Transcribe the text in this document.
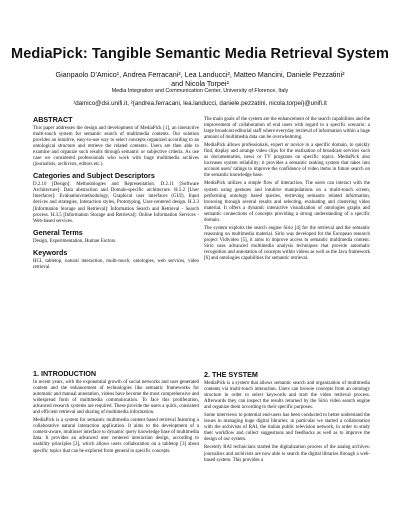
MediaPick: Tangible Semantic Media Retrieval System
Gianpaolo D'Amico¹, Andrea Ferracani², Lea Landucci², Matteo Mancini, Daniele Pezzatini²
and Nicola Torpei²
Media Integration and Communication Center, University of Florence, Italy
¹damico@dsi.unifi.it, ²{andrea.ferracani, lea.landucci, daniele.pezzatini, nicola.torpei}@unifi.it
ABSTRACT
This paper addresses the design and development of MediaPick [1], an interactive multi-touch system for semantic search of multimedia contents. Our solution provides an intuitive, easy-to-use way to select concepts organized according to an ontological structure and retrieve the related contents. Users are then able to examine and organize such results through semantic or subjective criteria. As use case we considered professionals who work with huge multimedia archives (journalists, archivists, editors etc.).
Categories and Subject Descriptors
D.2.10 [Design]: Methodologies and Representation. D.2.11 [Software Architecture]: Data abstraction and Domain-specific architecture. H.5.2 [User Interfaces]: Evaluation/methodology, Graphical user interfaces (GUI), Input devices and strategies, Interaction styles, Prototyping, User-centered design. H.3.3 [Information Storage and Retrieval]: Information Search and Retrieval - Search process. H.3.5 [Information Storage and Retrieval]: Online Information Services - Web-based services.
General Terms
Design, Experimentation, Human Factors.
Keywords
HCI, tabletop, natural interaction, multi-touch, ontologies, web services, video retrieval
1. INTRODUCTION
In recent years, with the exponential growth of social networks and user generated content and the enhancement of technologies like semantic frameworks for automatic and manual annotation, videos have become the most comprehensive and widespread form of multimedia communication. To face this proliferation, advanced research systems are required. These provide the users a quick, consistent and efficient retrieval and sharing of multimedia information.
MediaPick is a system for semantic multimedia content based retrieval featuring a collaborative natural interaction application. It aims to the development of a context-aware, multiuser interface to dynamic query knowledge base of multimedia data. It provides an advanced user centered interaction design, according to usability principles [2], which allows users collaboration on a tabletop [3] about specific topics that can be explored from general to specific concepts.
The main goals of the system are the enhancement of the search capabilities and the improvement of collaboration of end users with regard to a specific scenario: a large broadcast editorial staff where everyday retrieval of information within a huge amount of multimedia data can be overwhelming.
MediaPick allows professionals, expert or novice in a specific domain, to quickly find, display and arrange video clips for the realization of broadcast services such as documentaries, news or TV programs on specific topics. MediaPick also increases system reliability: it provides a semantic ranking system that takes into account users' ratings to improve the confidence of video items in future search on the semantic knowledge base.
MediaPick utilizes a simple flow of interaction. The users can interact with the system using gestures and intuitive manipulations on a multi-touch screen, performing ontology based queries, retrieving semantic related information, browsing through several results and selecting, evaluating and clustering video material. It offers a dynamic interactive visualization of ontologies graphs and semantic connections of concepts providing a strong understanding of a specific domain.
The system exploits the search engine Sirio [4] for the retrieval and the semantic reasoning on multimedia material. Sirio was developed for the European research project Vidivideo [5], it aims to improve access to semantic multimedia content. Sirio uses advanced multimedia analysis techniques that provide automatic recognition and annotation of concepts within videos as well as the Java framework [6] and ontologies capabilities for semantic retrieval.
2. THE SYSTEM
MediaPick is a system that allows semantic search and organization of multimedia contents via multi-touch interaction. Users can browse concepts from an ontology structure in order to select keywords and start the video retrieval process. Afterwards they can inspect the results returned by the Sirio video search engine and organize them according to their specific purposes.
Some interviews to potential end-users has been conducted to better understand the issues in managing huge digital libraries; in particular we started a collaboration with the archivists of RAI, the italian public television network, in order to study their workflow and collect suggestions and feedbacks as well as to improve the design of our system.
Recently RAI technicians started the digitalization process of the analog archives: journalists and archivists are now able to search the digital libraries through a web-based system. This provides a
